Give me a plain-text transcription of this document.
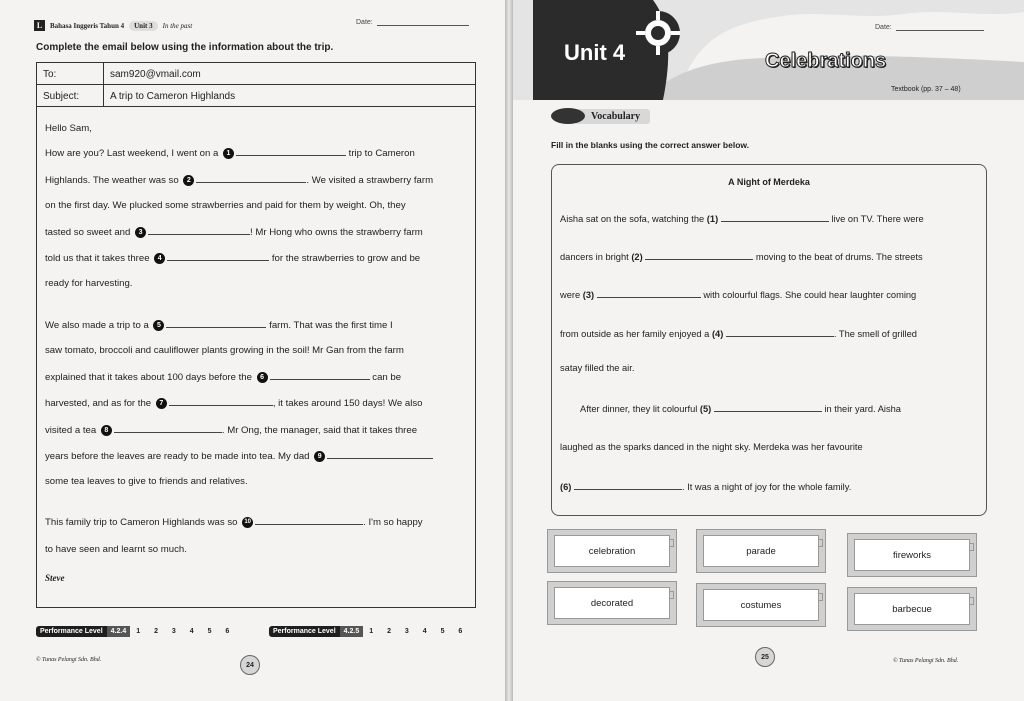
L	Bahasa Inggeris Tahun 4	Unit 3	In the past	Date:
Complete the email below using the information about the trip.
To:	sam920@vmail.com
Subject:	A trip to Cameron Highlands
Hello Sam,
How are you? Last weekend, I went on a 1	trip to Cameron
Highlands. The weather was so 2	. We visited a strawberry farm
on the first day. We plucked some strawberries and paid for them by weight. Oh, they
tasted so sweet and 3	! Mr Hong who owns the strawberry farm
told us that it takes three 4	for the strawberries to grow and be
ready for harvesting.
We also made a trip to a 5	farm. That was the first time I
saw tomato, broccoli and cauliflower plants growing in the soil! Mr Gan from the farm
explained that it takes about 100 days before the 6	can be
harvested, and as for the 7	, it takes around 150 days! We also
visited a tea 8	. Mr Ong, the manager, said that it takes three
years before the leaves are ready to be made into tea. My dad 9
some tea leaves to give to friends and relatives.
This family trip to Cameron Highlands was so 10	. I'm so happy
to have seen and learnt so much.
Steve
Performance Level	4.2.4	1 2 3 4 5 6	Performance Level	4.2.5	1 2 3 4 5 6
© Tunas Pelangi Sdn. Bhd.
24
Unit 4	Celebrations
Date:
Textbook (pp. 37 – 48)
Vocabulary
Fill in the blanks using the correct answer below.
A Night of Merdeka
Aisha sat on the sofa, watching the (1)	live on TV. There were
dancers in bright (2)	moving to the beat of drums. The streets
were (3)	with colourful flags. She could hear laughter coming
from outside as her family enjoyed a (4)	. The smell of grilled
satay filled the air.
After dinner, they lit colourful (5)	in their yard. Aisha
laughed as the sparks danced in the night sky. Merdeka was her favourite
(6)	. It was a night of joy for the whole family.
celebration	parade	fireworks
decorated	costumes	barbecue
25
© Tunas Pelangi Sdn. Bhd.
